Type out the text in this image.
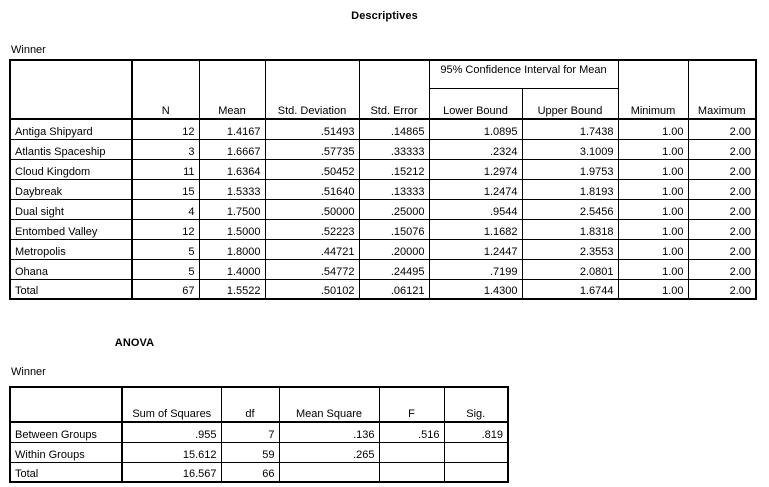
Descriptives
Winner
	N	Mean	Std. Deviation	Std. Error	95% Confidence Interval for Mean		Minimum	Maximum
					Lower Bound	Upper Bound		
Antiga Shipyard	12	1.4167	.51493	.14865	1.0895	1.7438	1.00	2.00
Atlantis Spaceship	3	1.6667	.57735	.33333	.2324	3.1009	1.00	2.00
Cloud Kingdom	11	1.6364	.50452	.15212	1.2974	1.9753	1.00	2.00
Daybreak	15	1.5333	.51640	.13333	1.2474	1.8193	1.00	2.00
Dual sight	4	1.7500	.50000	.25000	.9544	2.5456	1.00	2.00
Entombed Valley	12	1.5000	.52223	.15076	1.1682	1.8318	1.00	2.00
Metropolis	5	1.8000	.44721	.20000	1.2447	2.3553	1.00	2.00
Ohana	5	1.4000	.54772	.24495	.7199	2.0801	1.00	2.00
Total	67	1.5522	.50102	.06121	1.4300	1.6744	1.00	2.00
ANOVA
Winner
	Sum of Squares	df	Mean Square	F	Sig.
Between Groups	.955	7	.136	.516	.819
Within Groups	15.612	59	.265		
Total	16.567	66			
